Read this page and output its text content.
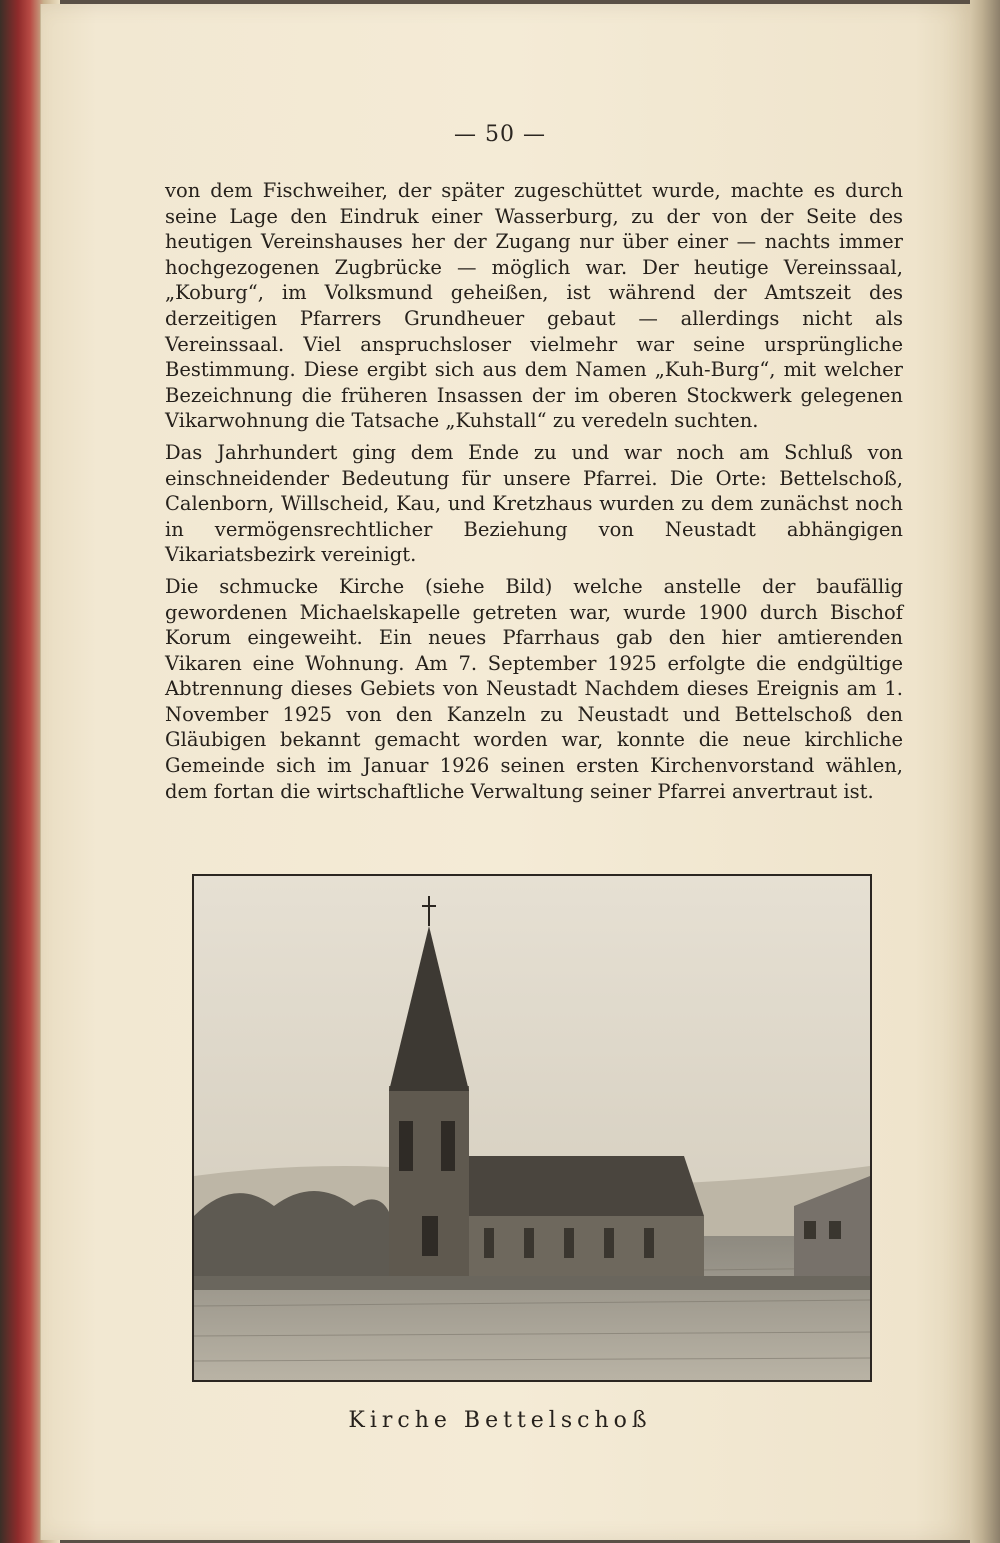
— 50 —

von dem Fischweiher, der später zugeschüttet wurde, machte es durch seine Lage den Eindruk einer Wasserburg, zu der von der Seite des heutigen Vereinshauses her der Zugang nur über einer — nachts immer hochgezogenen Zugbrücke — möglich war. Der heutige Vereinssaal, „Koburg“, im Volksmund geheißen, ist während der Amtszeit des derzeitigen Pfarrers Grundheuer gebaut — allerdings nicht als Vereinssaal. Viel anspruchsloser vielmehr war seine ursprüngliche Bestimmung. Diese ergibt sich aus dem Namen „Kuh-Burg“, mit welcher Bezeichnung die früheren Insassen der im oberen Stockwerk gelegenen Vikarwohnung die Tatsache „Kuhstall“ zu veredeln suchten.

Das Jahrhundert ging dem Ende zu und war noch am Schluß von einschneidender Bedeutung für unsere Pfarrei. Die Orte: Bettelschoß, Calenborn, Willscheid, Kau, und Kretzhaus wurden zu dem zunächst noch in vermögensrechtlicher Beziehung von Neustadt abhängigen Vikariatsbezirk vereinigt.

Die schmucke Kirche (siehe Bild) welche anstelle der baufällig gewordenen Michaelskapelle getreten war, wurde 1900 durch Bischof Korum eingeweiht. Ein neues Pfarrhaus gab den hier amtierenden Vikaren eine Wohnung. Am 7. September 1925 erfolgte die endgültige Abtrennung dieses Gebiets von Neustadt Nachdem dieses Ereignis am 1. November 1925 von den Kanzeln zu Neustadt und Bettelschoß den Gläubigen bekannt gemacht worden war, konnte die neue kirchliche Gemeinde sich im Januar 1926 seinen ersten Kirchenvorstand wählen, dem fortan die wirtschaftliche Verwaltung seiner Pfarrei anvertraut ist.

Kirche Bettelschoß
